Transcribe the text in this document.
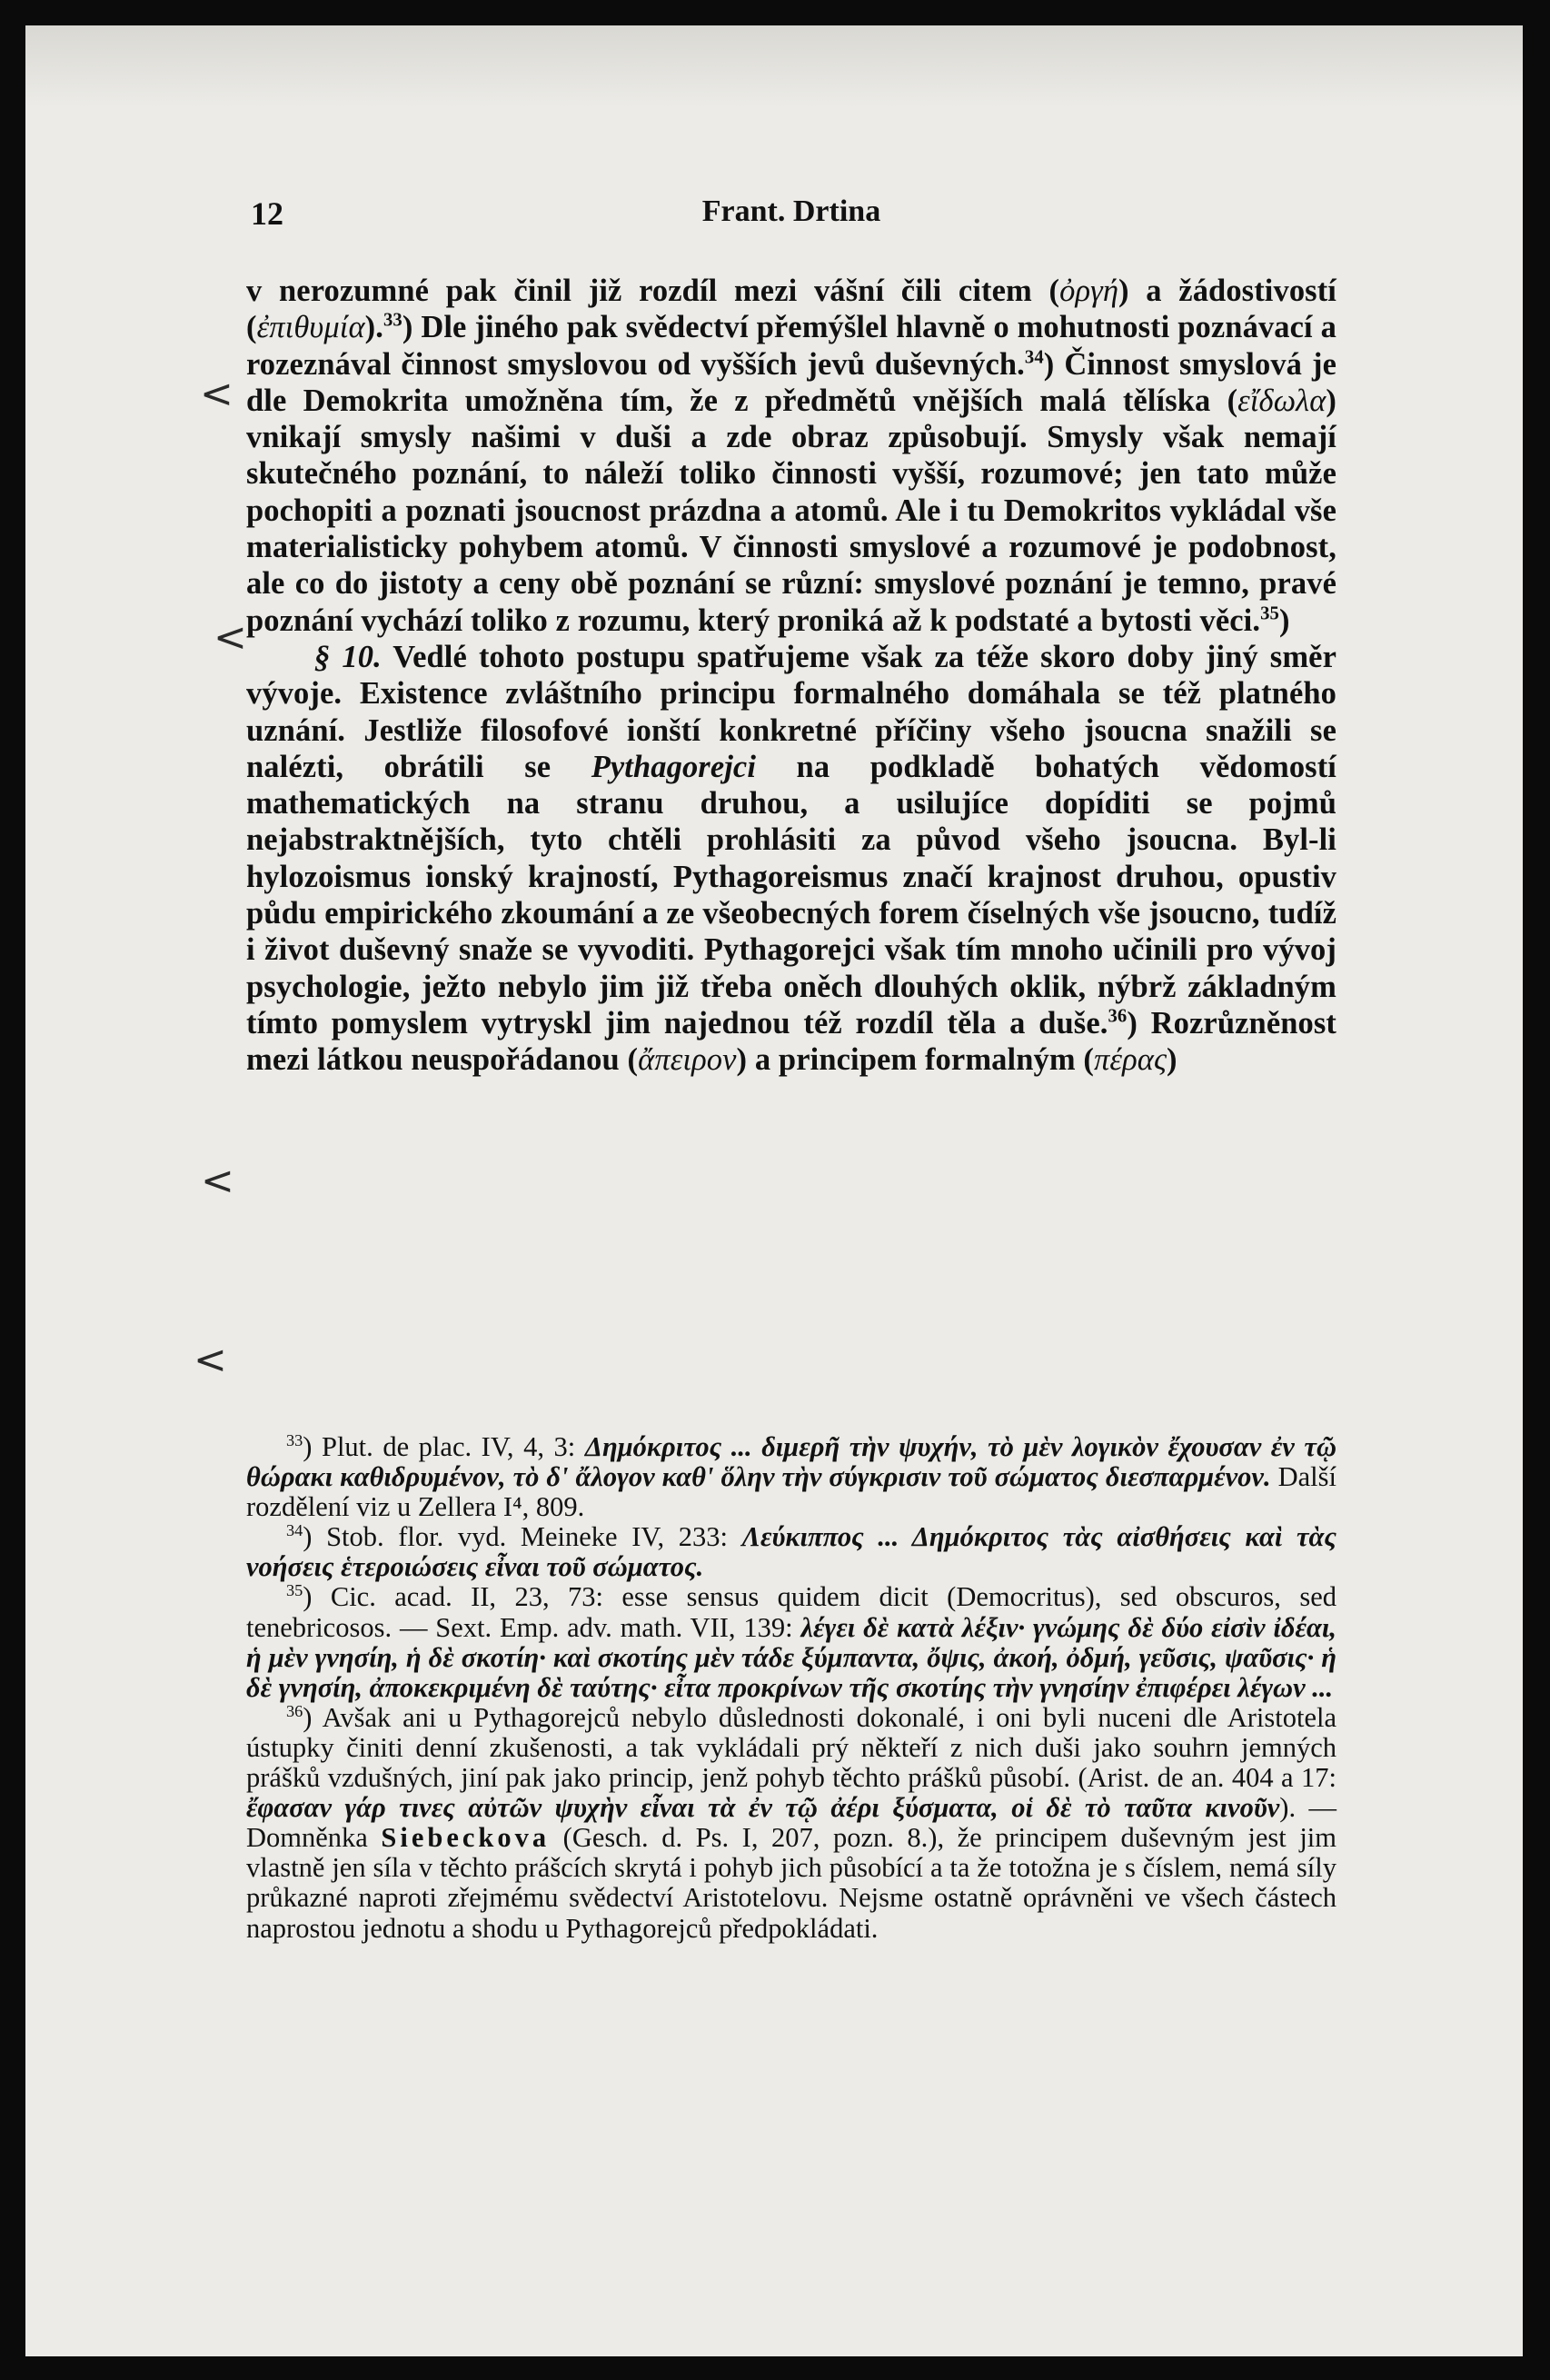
12	Frant. Drtina
<
<
<
<

v nerozumné pak činil již rozdíl mezi vášní čili citem (ὀργή) a žádostivostí (ἐπιθυμία).$^{33}$) Dle jiného pak svědectví přemýšlel hlavně o mohutnosti poznávací a rozeznával činnost smyslovou od vyšších jevů duševných.$^{34}$) Činnost smyslová je dle Demokrita umožněna tím, že z předmětů vnějších malá tělíska (εἴδωλα) vnikají smysly našimi v duši a zde obraz způsobují. Smysly však nemají skutečného poznání, to náleží toliko činnosti vyšší, rozumové; jen tato může pochopiti a poznati jsoucnost prázdna a atomů. Ale i tu Demokritos vykládal vše materialisticky pohybem atomů. V činnosti smyslové a rozumové je podobnost, ale co do jistoty a ceny obě poznání se různí: smyslové poznání je temno, pravé poznání vychází toliko z rozumu, který proniká až k podstaté a bytosti věci.$^{35}$)

§ 10. Vedlé tohoto postupu spatřujeme však za téže skoro doby jiný směr vývoje. Existence zvláštního principu formalného domáhala se též platného uznání. Jestliže filosofové ionští konkretné příčiny všeho jsoucna snažili se nalézti, obrátili se Pythagorejci na podkladě bohatých vědomostí mathematických na stranu druhou, a usilujíce dopíditi se pojmů nejabstraktnějších, tyto chtěli prohlásiti za původ všeho jsoucna. Byl-li hylozoismus ionský krajností, Pythagoreismus značí krajnost druhou, opustiv půdu empirického zkoumání a ze všeobecných forem číselných vše jsoucno, tudíž i život duševný snaže se vyvoditi. Pythagorejci však tím mnoho učinili pro vývoj psychologie, ježto nebylo jim již třeba oněch dlouhých oklik, nýbrž základným tímto pomyslem vytryskl jim najednou též rozdíl těla a duše.$^{36}$) Rozrůzněnost mezi látkou neuspořádanou (ἄπειρον) a principem formalným (πέρας)

$^{33}$) Plut. de plac. IV, 4, 3: Δημόκριτος ... διμερῆ τὴν ψυχήν, τὸ μὲν λογικὸν ἔχουσαν ἐν τῷ θώρακι καθιδρυμένον, τὸ δ' ἄλογον καθ' ὅλην τὴν σύγκρισιν τοῦ σώματος διεσπαρμένον. Další rozdělení viz u Zellera I⁴, 809.

$^{34}$) Stob. flor. vyd. Meineke IV, 233: Λεύκιππος ... Δημόκριτος τὰς αἰσθήσεις καὶ τὰς νοήσεις ἑτεροιώσεις εἶναι τοῦ σώματος.

$^{35}$) Cic. acad. II, 23, 73: esse sensus quidem dicit (Democritus), sed obscuros, sed tenebricosos. — Sext. Emp. adv. math. VII, 139: λέγει δὲ κατὰ λέξιν· γνώμης δὲ δύο εἰσὶν ἰδέαι, ἡ μὲν γνησίη, ἡ δὲ σκοτίη· καὶ σκοτίης μὲν τάδε ξύμπαντα, ὄψις, ἀκοή, ὀδμή, γεῦσις, ψαῦσις· ἡ δὲ γνησίη, ἀποκεκριμένη δὲ ταύτης· εἶτα προκρίνων τῆς σκοτίης τὴν γνησίην ἐπιφέρει λέγων ...

$^{36}$) Avšak ani u Pythagorejců nebylo důslednosti dokonalé, i oni byli nuceni dle Aristotela ústupky činiti denní zkušenosti, a tak vykládali prý někteří z nich duši jako souhrn jemných prášků vzdušných, jiní pak jako princip, jenž pohyb těchto prášků působí. (Arist. de an. 404 a 17: ἔφασαν γάρ τινες αὐτῶν ψυχὴν εἶναι τὰ ἐν τῷ ἀέρι ξύσματα, οἱ δὲ τὸ ταῦτα κινοῦν). — Domněnka Siebeckova (Gesch. d. Ps. I, 207, pozn. 8.), že principem duševným jest jim vlastně jen síla v těchto prášcích skrytá i pohyb jich působící a ta že totožna je s číslem, nemá síly průkazné naproti zřejmému svědectví Aristotelovu. Nejsme ostatně oprávněni ve všech částech naprostou jednotu a shodu u Pythagorejců předpokládati.
